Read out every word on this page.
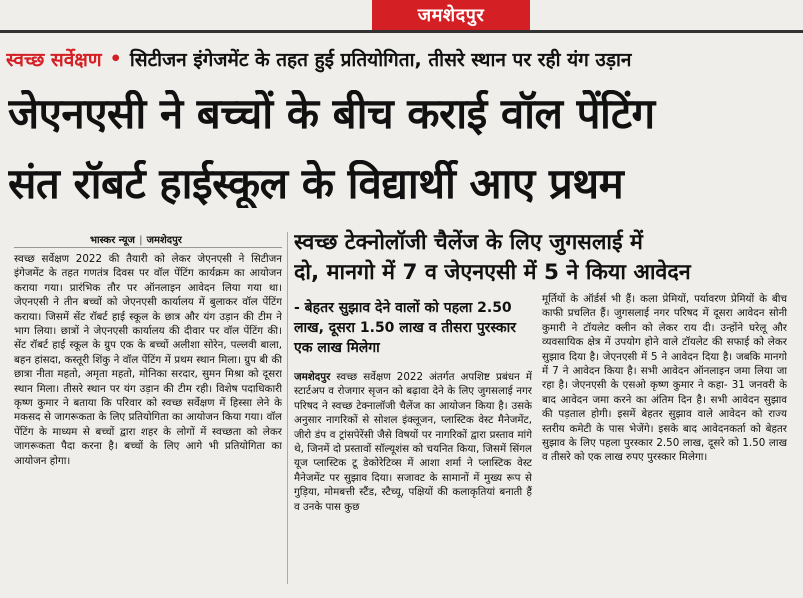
जमशेदपुर
स्वच्छ सर्वेक्षण • सिटीजन इंगेजमेंट के तहत हुई प्रतियोगिता, तीसरे स्थान पर रही यंग उड़ान
जेएनएसी ने बच्चों के बीच कराई वॉल पेंटिंग
संत रॉबर्ट हाईस्कूल के विद्यार्थी आए प्रथम
भास्कर न्यूज | जमशेदपुर
स्वच्छ सर्वेक्षण 2022 की तैयारी को लेकर जेएनएसी ने सिटीजन इंगेजमेंट के तहत गणतंत्र दिवस पर वॉल पेंटिंग कार्यक्रम का आयोजन कराया गया। प्रारंभिक तौर पर ऑनलाइन आवेदन लिया गया था। जेएनएसी ने तीन बच्चों को जेएनएसी कार्यालय में बुलाकर वॉल पेंटिंग कराया। जिसमें सेंट रॉबर्ट हाई स्कूल के छात्र और यंग उड़ान की टीम ने भाग लिया। छात्रों ने जेएनएसी कार्यालय की दीवार पर वॉल पेंटिंग की। सेंट रॉबर्ट हाई स्कूल के ग्रुप एक के बच्चों अलीशा सोरेन, पल्लवी बाला, बहन हांसदा, कस्तूरी शिंकु ने वॉल पेंटिंग में प्रथम स्थान मिला। ग्रुप बी की छात्रा नीता महतो, अमृता महतो, मोनिका सरदार, सुमन मिश्रा को दूसरा स्थान मिला। तीसरे स्थान पर यंग उड़ान की टीम रही। विशेष पदाधिकारी कृष्ण कुमार ने बताया कि परिवार को स्वच्छ सर्वेक्षण में हिस्सा लेने के मकसद से जागरूकता के लिए प्रतियोगिता का आयोजन किया गया। वॉल पेंटिंग के माध्यम से बच्चों द्वारा शहर के लोगों में स्वच्छता को लेकर जागरूकता पैदा करना है। बच्चों के लिए आगे भी प्रतियोगिता का आयोजन होगा।
स्वच्छ टेक्नोलॉजी चैलेंज के लिए जुगसलाई में
दो, मानगो में 7 व जेएनएसी में 5 ने किया आवेदन
- बेहतर सुझाव देने वालों को पहला 2.50 लाख, दूसरा 1.50 लाख व तीसरा पुरस्कार एक लाख मिलेगा
जमशेदपुर स्वच्छ सर्वेक्षण 2022 अंतर्गत अपशिष्ट प्रबंधन में स्टार्टअप व रोजगार सृजन को बढ़ावा देने के लिए जुगसलाई नगर परिषद ने स्वच्छ टेक्नालॉजी चैलेंज का आयोजन किया है। उसके अनुसार नागरिकों से सोशल इंक्लूजन, प्लास्टिक वेस्ट मैनेजमेंट, जीरो डंप व ट्रांसपेरेंसी जैसे विषयों पर नागरिकों द्वारा प्रस्ताव मांगे थे, जिनमें दो प्रस्तावों सॉल्यूशंस को चयनित किया, जिसमें सिंगल यूज प्लास्टिक टू डेकोरेटिव्स में आशा शर्मा ने प्लास्टिक वेस्ट मैनेजमेंट पर सुझाव दिया। सजावट के सामानों में मुख्य रूप से गुड़िया, मोमबत्ती स्टैंड, स्टैच्यू, पक्षियों की कलाकृतियां बनाती हैं व उनके पास कुछ
मूर्तियों के ऑर्डर्स भी हैं। कला प्रेमियों, पर्यावरण प्रेमियों के बीच काफी प्रचलित हैं। जुगसलाई नगर परिषद में दूसरा आवेदन सोनी कुमारी ने टॉयलेट क्लीन को लेकर राय दी। उन्होंने घरेलू और व्यवसायिक क्षेत्र में उपयोग होने वाले टॉयलेट की सफाई को लेकर सुझाव दिया है। जेएनएसी में 5 ने आवेदन दिया है। जबकि मानगो में 7 ने आवेदन किया है। सभी आवेदन ऑनलाइन जमा लिया जा रहा है। जेएनएसी के एसओ कृष्ण कुमार ने कहा- 31 जनवरी के बाद आवेदन जमा करने का अंतिम दिन है। सभी आवेदन सुझाव की पड़ताल होगी। इसमें बेहतर सुझाव वाले आवेदन को राज्य स्तरीय कमेटी के पास भेजेंगे। इसके बाद आवेदनकर्ता को बेहतर सुझाव के लिए पहला पुरस्कार 2.50 लाख, दूसरे को 1.50 लाख व तीसरे को एक लाख रुपए पुरस्कार मिलेगा।
